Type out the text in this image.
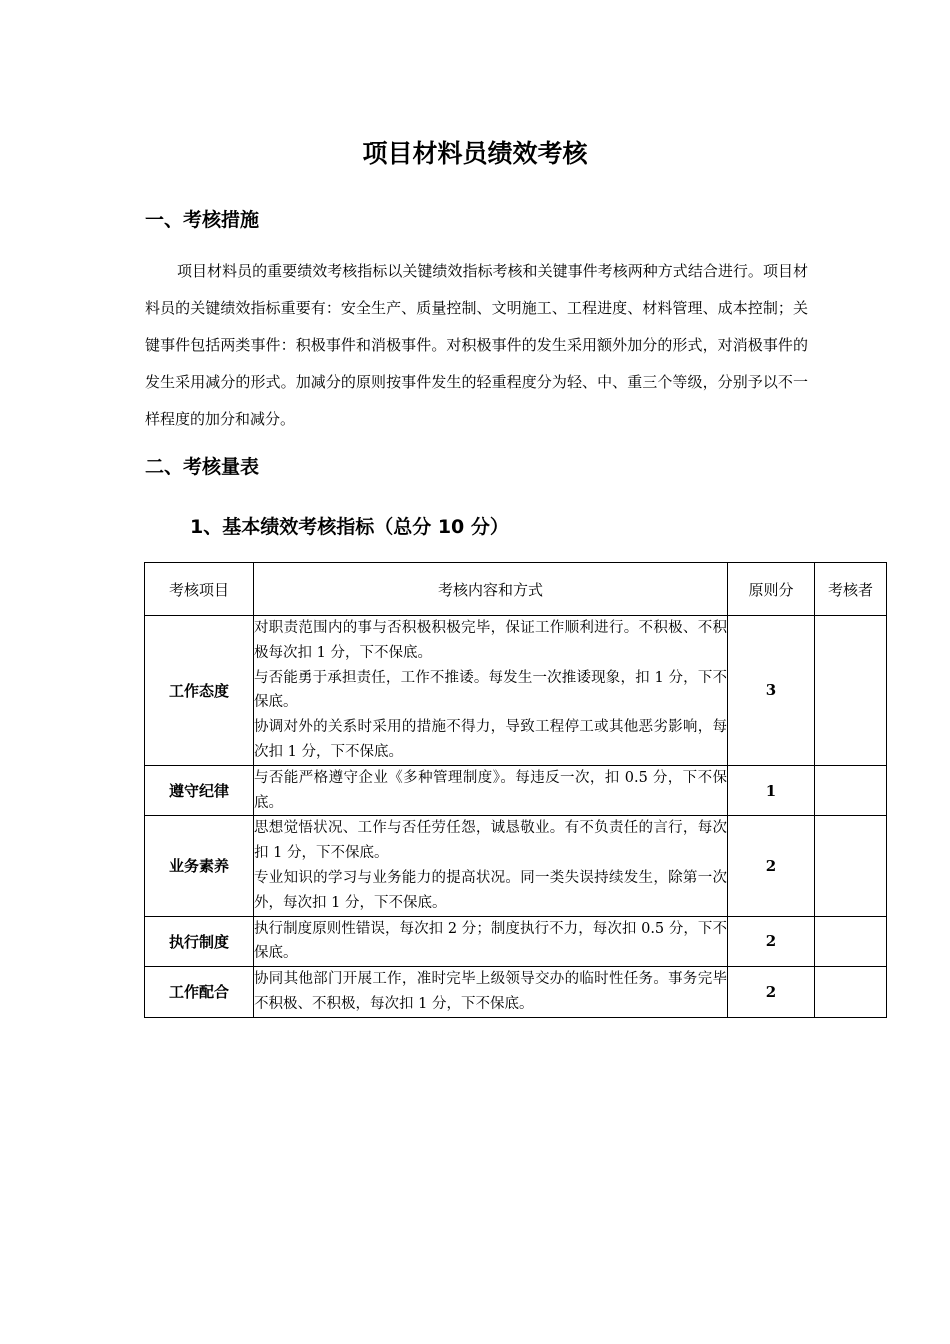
项目材料员绩效考核
一、考核措施
项目材料员的重要绩效考核指标以关键绩效指标考核和关键事件考核两种方式结合进行。项目材料员的关键绩效指标重要有：安全生产、质量控制、文明施工、工程进度、材料管理、成本控制；关键事件包括两类事件：积极事件和消极事件。对积极事件的发生采用额外加分的形式，对消极事件的发生采用减分的形式。加减分的原则按事件发生的轻重程度分为轻、中、重三个等级，分别予以不一样程度的加分和减分。
二、考核量表
1、基本绩效考核指标（总分 10 分）
考核项目	考核内容和方式	原则分	考核者
工作态度	对职责范围内的事与否积极积极完毕，保证工作顺利进行。不积极、不积极每次扣 1 分，下不保底。

与否能勇于承担责任，工作不推诿。每发生一次推诿现象，扣 1 分，下不保底。

协调对外的关系时采用的措施不得力，导致工程停工或其他恶劣影响，每次扣 1 分，下不保底。	3	
遵守纪律	与否能严格遵守企业《多种管理制度》。每违反一次，扣 0.5 分，下不保底。	1	
业务素养	思想觉悟状况、工作与否任劳任怨，诚恳敬业。有不负责任的言行，每次扣 1 分，下不保底。

专业知识的学习与业务能力的提高状况。同一类失误持续发生，除第一次外，每次扣 1 分，下不保底。	2	
执行制度	执行制度原则性错误，每次扣 2 分；制度执行不力，每次扣 0.5 分，下不保底。	2	
工作配合	协同其他部门开展工作，准时完毕上级领导交办的临时性任务。事务完毕不积极、不积极，每次扣 1 分，下不保底。	2	
